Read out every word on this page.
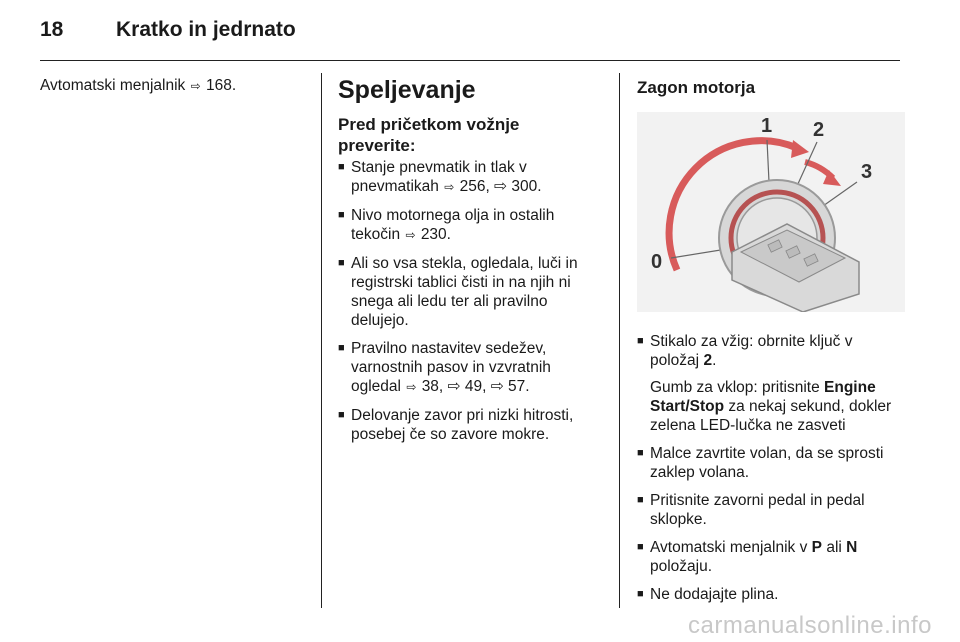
18	Kratko in jedrnato
Avtomatski menjalnik ⇨ 168.	Speljevanje
Pred pričetkom vožnje preverite:
■ Stanje pnevmatik in tlak v pnevmatikah ⇨ 256, ⇨ 300.
■ Nivo motornega olja in ostalih tekočin ⇨ 230.
■ Ali so vsa stekla, ogledala, luči in registrski tablici čisti in na njih ni snega ali ledu ter ali pravilno delujejo.
■ Pravilno nastavitev sedežev, varnostnih pasov in vzvratnih ogledal ⇨ 38, ⇨ 49, ⇨ 57.
■ Delovanje zavor pri nizki hitrosti, posebej če so zavore mokre.
Zagon motorja
0
1 2
3
■ Stikalo za vžig: obrnite ključ v položaj 2.
Gumb za vklop: pritisnite Engine Start/Stop za nekaj sekund, dokler zelena LED-lučka ne zasveti
■ Malce zavrtite volan, da se sprosti zaklep volana.
■ Pritisnite zavorni pedal in pedal sklopke.
■ Avtomatski menjalnik v P ali N položaju.
■ Ne dodajajte plina.
carmanualsonline.info
